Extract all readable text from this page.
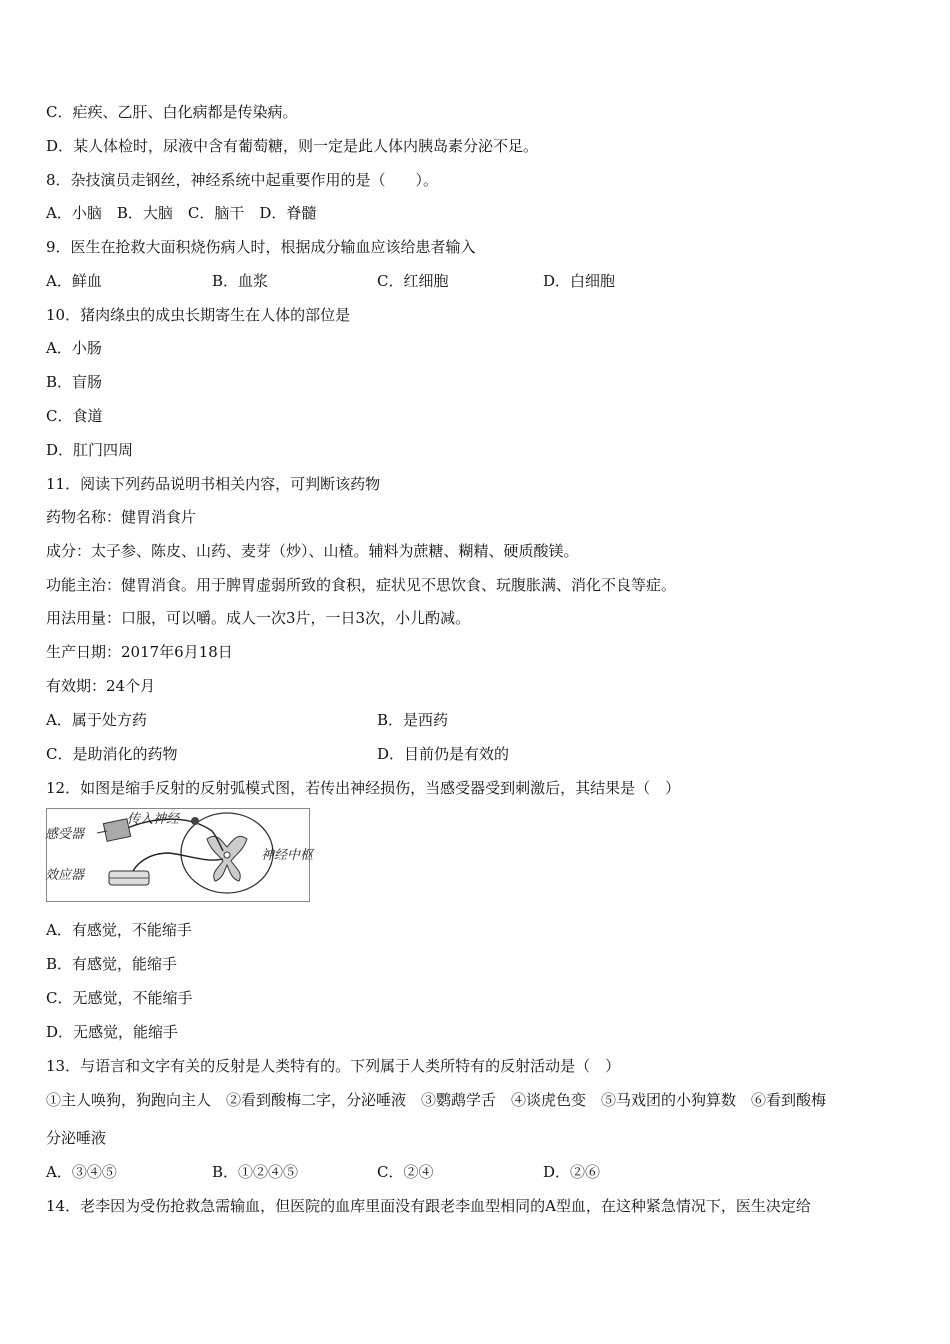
C．疟疾、乙肝、白化病都是传染病。
D．某人体检时，尿液中含有葡萄糖，则一定是此人体内胰岛素分泌不足。
8．杂技演员走钢丝，神经系统中起重要作用的是（　　）。
A．小脑　B．大脑　C．脑干　D．脊髓
9．医生在抢救大面积烧伤病人时，根据成分输血应该给患者输入
A．鲜血	B．血浆	C．红细胞	D．白细胞
10．猪肉绦虫的成虫长期寄生在人体的部位是
A．小肠
B．盲肠
C．食道
D．肛门四周
11．阅读下列药品说明书相关内容，可判断该药物
药物名称：健胃消食片
成分：太子参、陈皮、山药、麦芽（炒）、山楂。辅料为蔗糖、糊精、硬质酸镁。
功能主治：健胃消食。用于脾胃虚弱所致的食积，症状见不思饮食、玩腹胀满、消化不良等症。
用法用量：口服，可以嚼。成人一次3片，一日3次，小儿酌减。
生产日期：2017年6月18日
有效期：24个月
A．属于处方药	B．是西药
C．是助消化的药物	D．目前仍是有效的
12．如图是缩手反射的反射弧模式图，若传出神经损伤，当感受器受到刺激后，其结果是（　）
感受器
传入神经
神经中枢
效应器
A．有感觉，不能缩手
B．有感觉，能缩手
C．无感觉，不能缩手
D．无感觉，能缩手
13．与语言和文字有关的反射是人类特有的。下列属于人类所特有的反射活动是（　）
①主人唤狗，狗跑向主人　②看到酸梅二字，分泌唾液　③鹦鹉学舌　④谈虎色变　⑤马戏团的小狗算数　⑥看到酸梅
分泌唾液
A．③④⑤	B．①②④⑤	C．②④	D．②⑥
14．老李因为受伤抢救急需输血，但医院的血库里面没有跟老李血型相同的A型血，在这种紧急情况下，医生决定给
